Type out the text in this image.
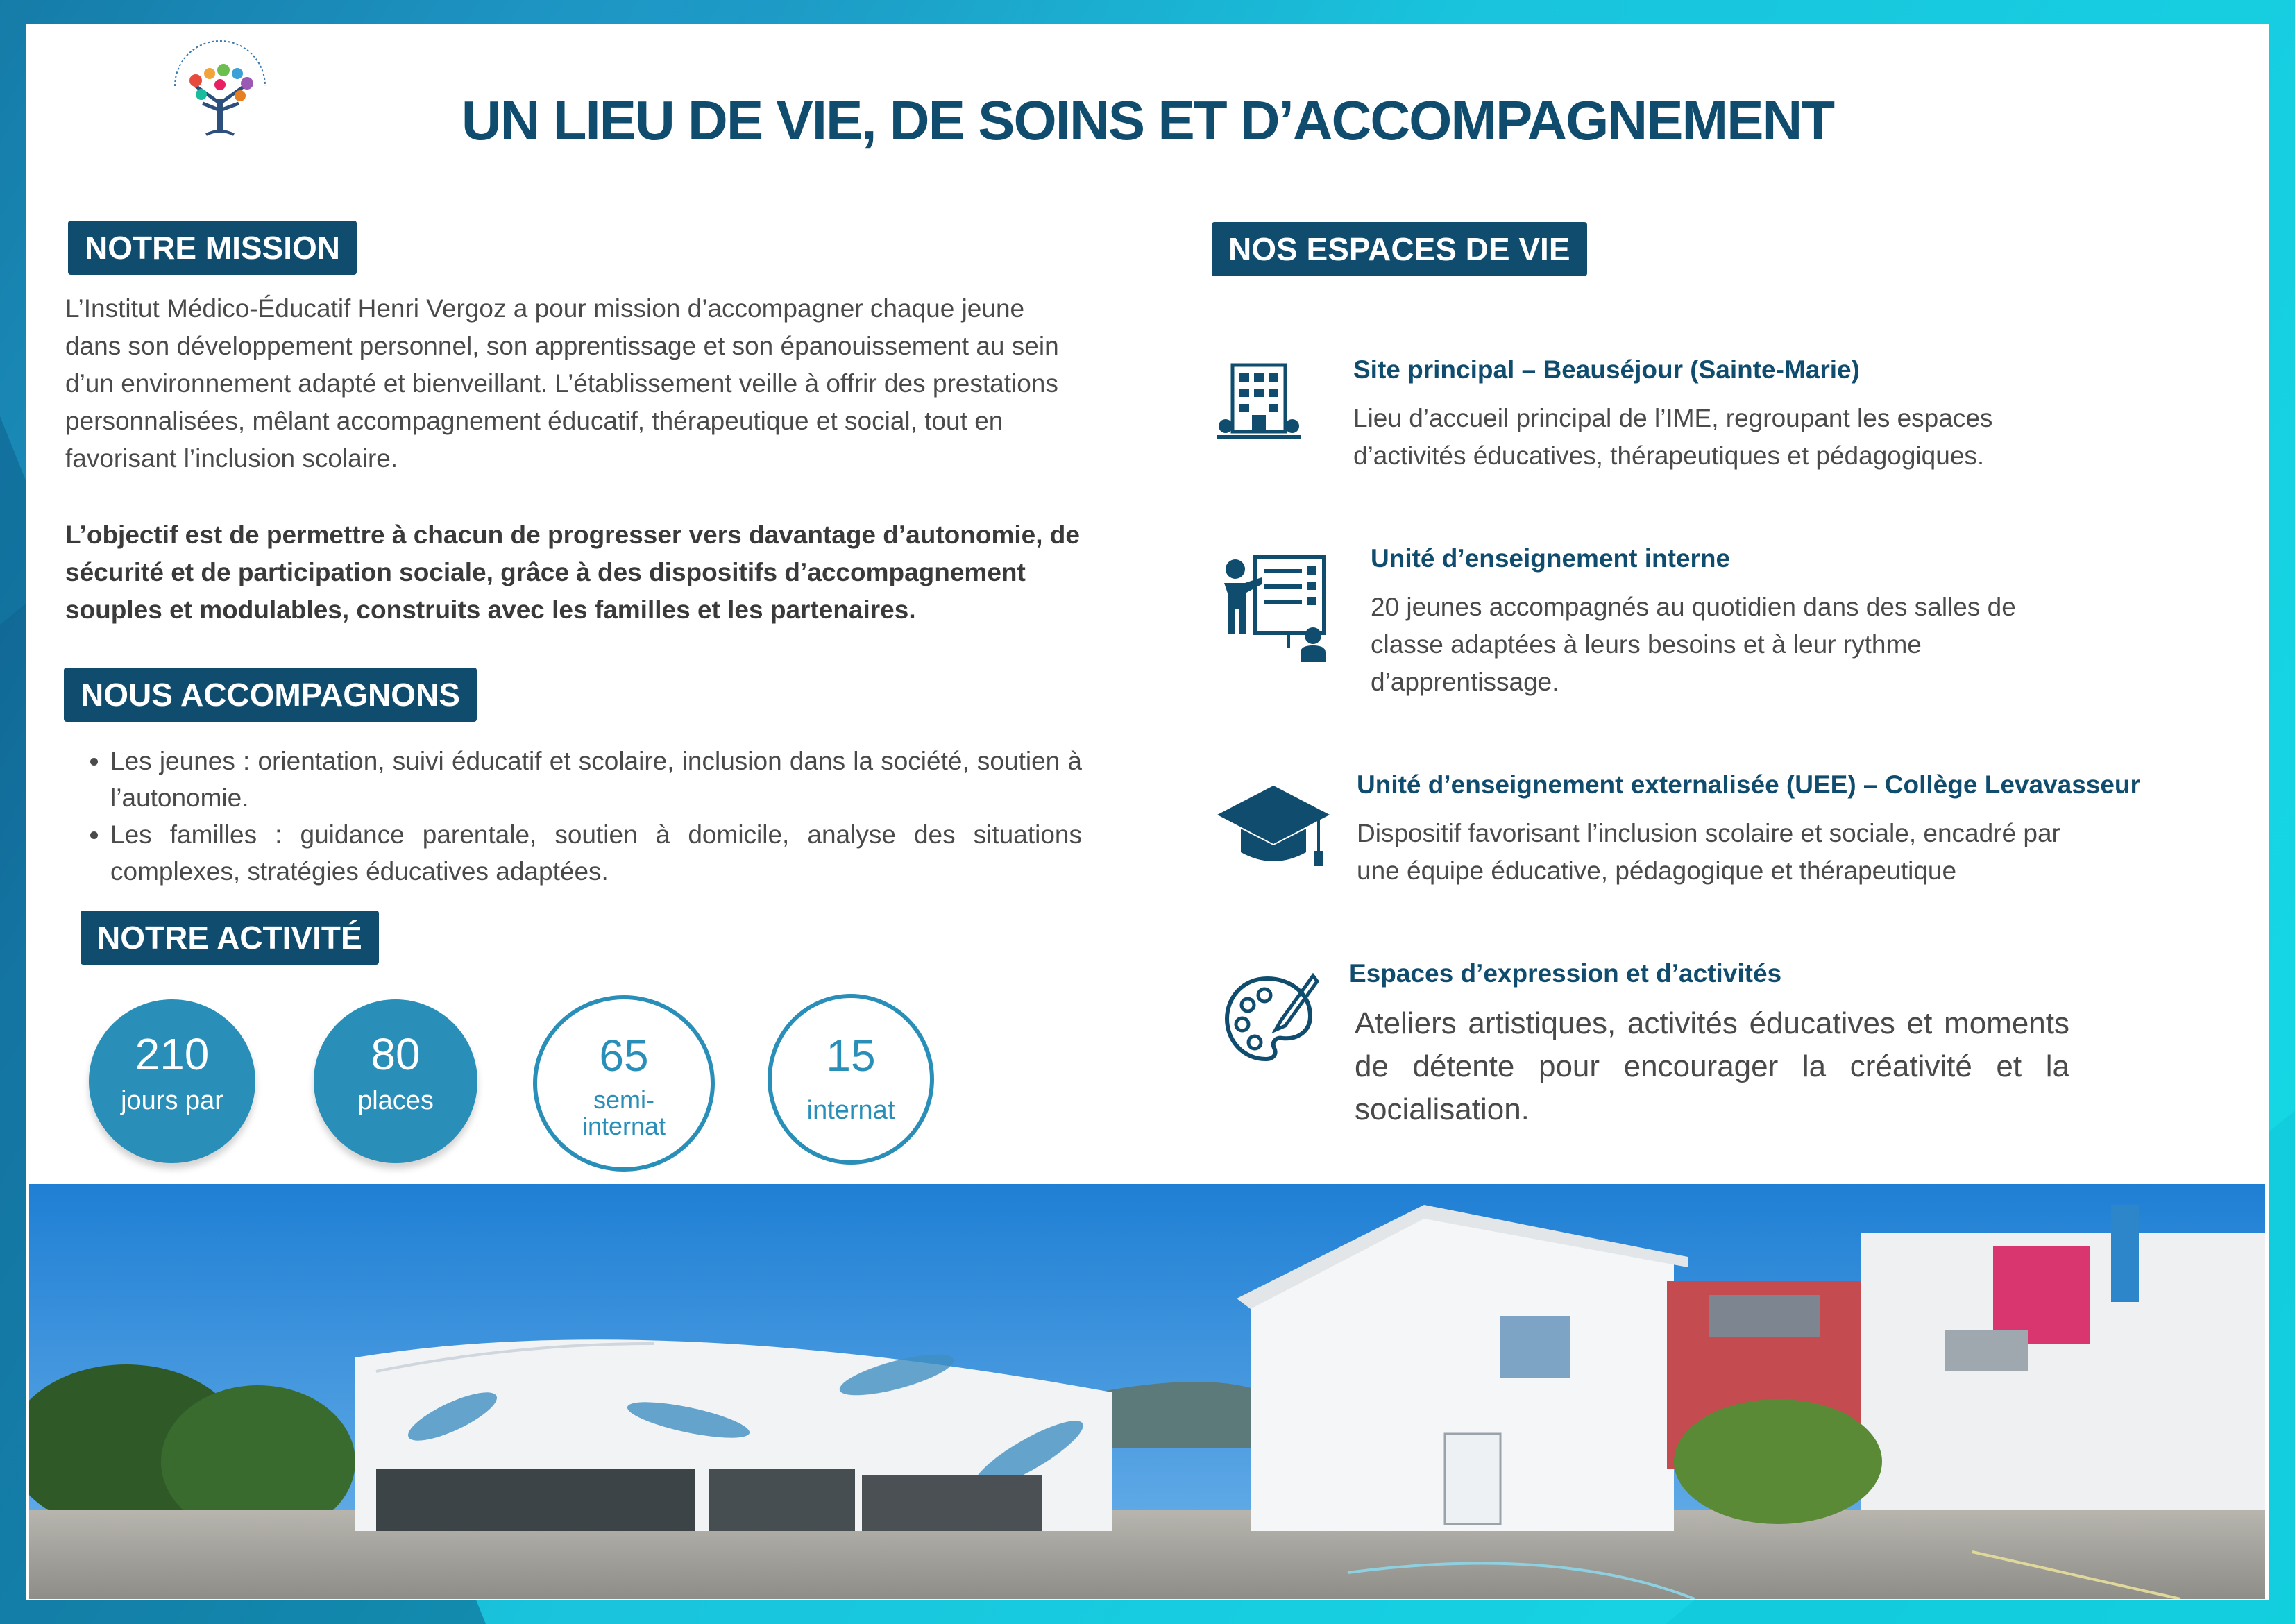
UN LIEU DE VIE, DE SOINS ET D’ACCOMPAGNEMENT
NOTRE MISSION
L’Institut Médico-Éducatif Henri Vergoz a pour mission d’accompagner chaque jeune dans son développement personnel, son apprentissage et son épanouissement au sein d’un environnement adapté et bienveillant. L’établissement veille à offrir des prestations personnalisées, mêlant accompagnement éducatif, thérapeutique et social, tout en favorisant l’inclusion scolaire.
L’objectif est de permettre à chacun de progresser vers davantage d’autonomie, de sécurité et de participation sociale, grâce à des dispositifs d’accompagnement souples et modulables, construits avec les familles et les partenaires.
NOUS ACCOMPAGNONS
• Les jeunes : orientation, suivi éducatif et scolaire, inclusion dans la société, soutien à l’autonomie.
• Les familles : guidance parentale, soutien à domicile, analyse des situations complexes, stratégies éducatives adaptées.
NOTRE ACTIVITÉ
210
jours par
80
places
65
semi-
internat
15
internat
NOS ESPACES DE VIE
Site principal – Beauséjour (Sainte-Marie)
Lieu d’accueil principal de l’IME, regroupant les espaces d’activités éducatives, thérapeutiques et pédagogiques.
Unité d’enseignement interne
20 jeunes accompagnés au quotidien dans des salles de classe adaptées à leurs besoins et à leur rythme d’apprentissage.
Unité d’enseignement externalisée (UEE) – Collège Levavasseur
Dispositif favorisant l’inclusion scolaire et sociale, encadré par une équipe éducative, pédagogique et thérapeutique
Espaces d’expression et d’activités
Ateliers artistiques, activités éducatives et moments de détente pour encourager la créativité et la socialisation.
